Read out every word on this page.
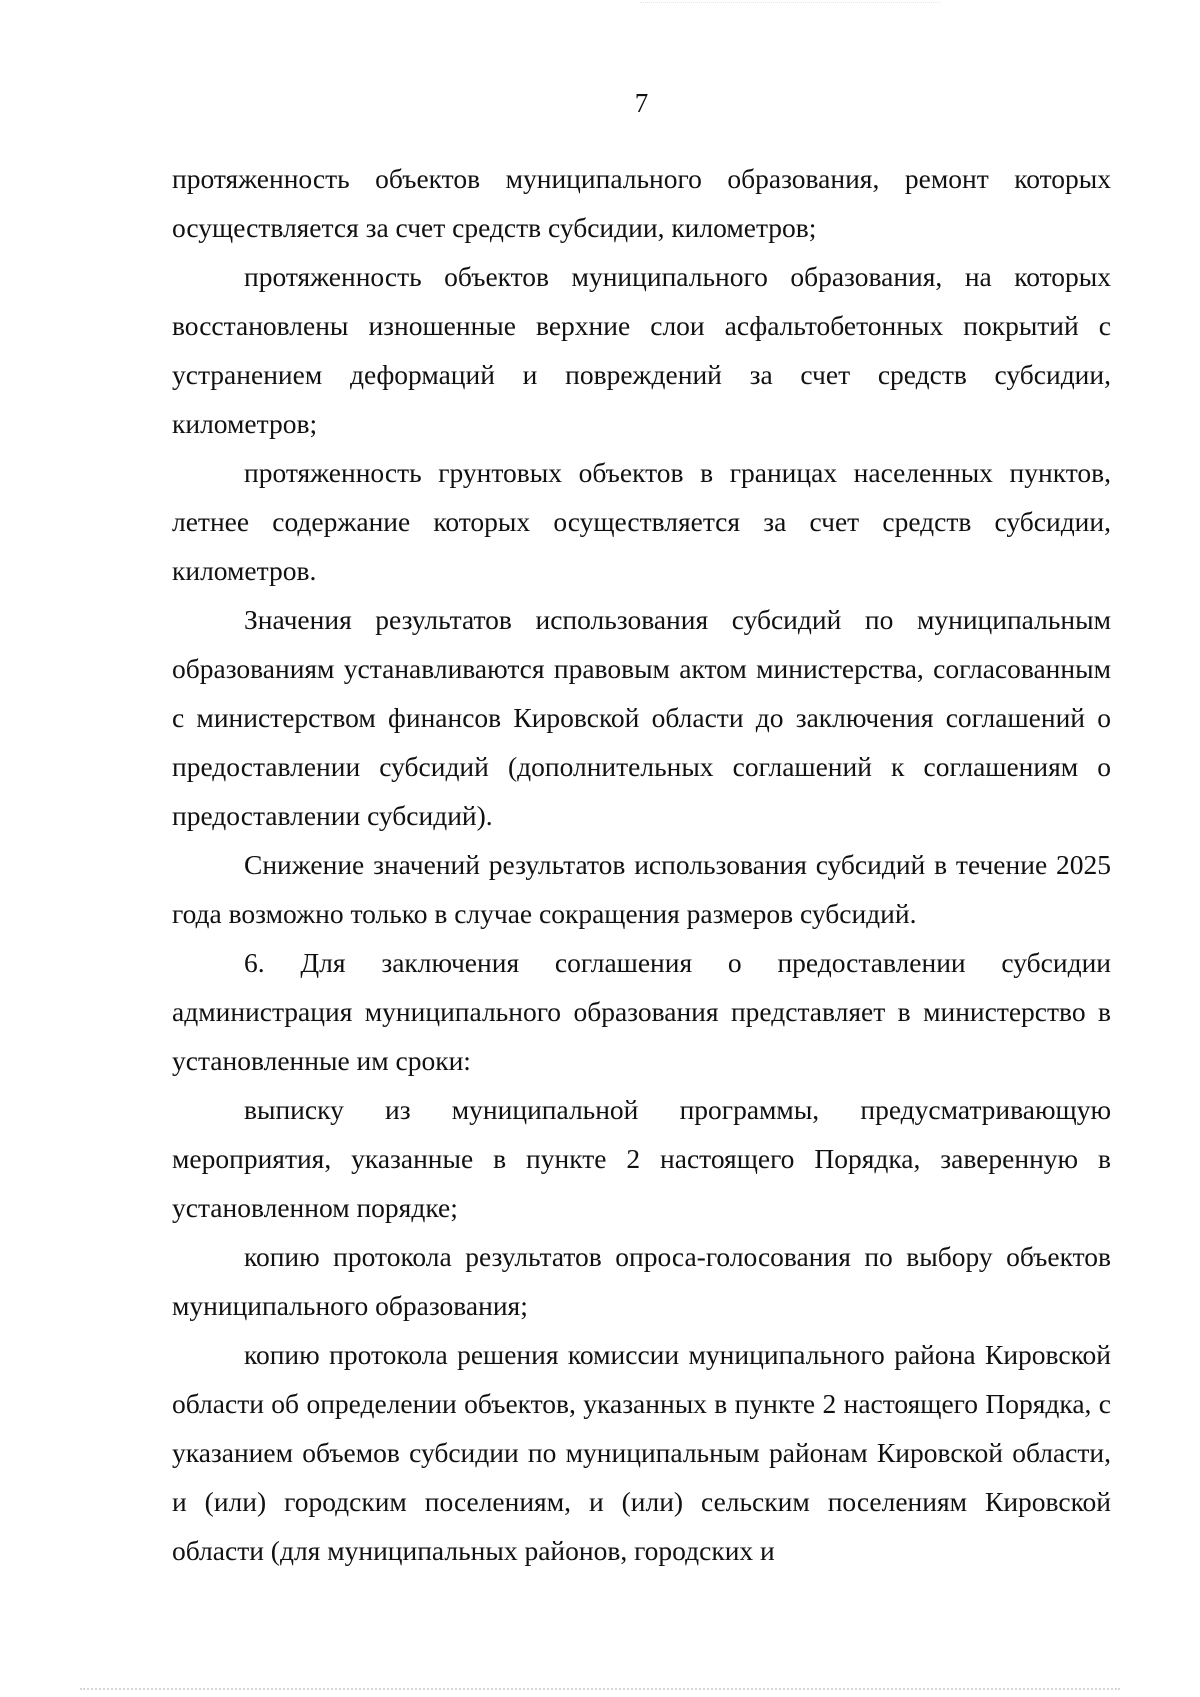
7

протяженность объектов муниципального образования, ремонт которых осуществляется за счет средств субсидии, километров;

протяженность объектов муниципального образования, на которых восстановлены изношенные верхние слои асфальтобетонных покрытий с устранением деформаций и повреждений за счет средств субсидии, километров;

протяженность грунтовых объектов в границах населенных пунктов, летнее содержание которых осуществляется за счет средств субсидии, километров.

Значения результатов использования субсидий по муниципальным образованиям устанавливаются правовым актом министерства, согласованным с министерством финансов Кировской области до заключения соглашений о предоставлении субсидий (дополнительных соглашений к соглашениям о предоставлении субсидий).

Снижение значений результатов использования субсидий в течение 2025 года возможно только в случае сокращения размеров субсидий.

6. Для заключения соглашения о предоставлении субсидии администрация муниципального образования представляет в министерство в установленные им сроки:

выписку из муниципальной программы, предусматривающую мероприятия, указанные в пункте 2 настоящего Порядка, заверенную в установленном порядке;

копию протокола результатов опроса-голосования по выбору объектов муниципального образования;

копию протокола решения комиссии муниципального района Кировской области об определении объектов, указанных в пункте 2 настоящего Порядка, с указанием объемов субсидии по муниципальным районам Кировской области, и (или) городским поселениям, и (или) сельским поселениям Кировской области (для муниципальных районов, городских и
